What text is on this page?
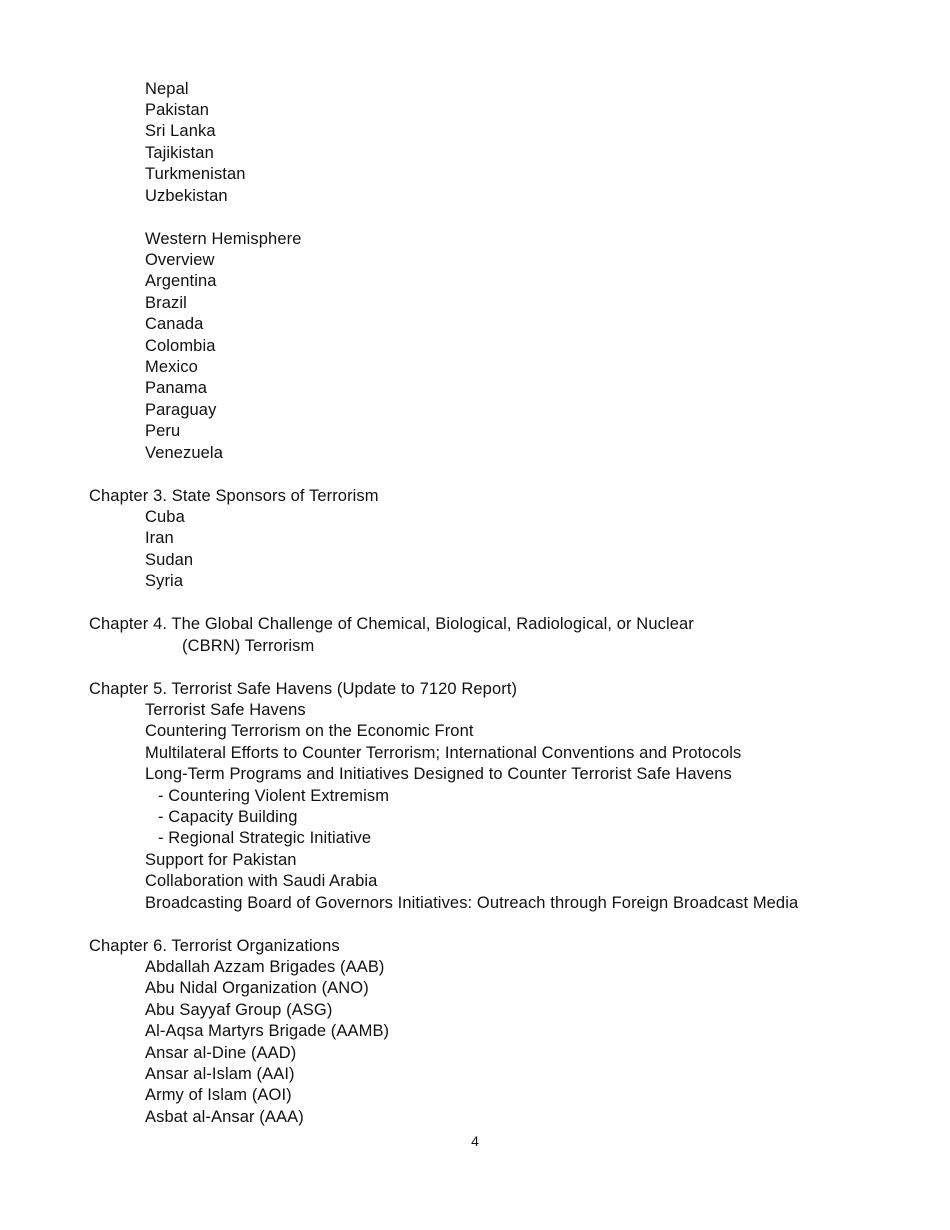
Nepal
Pakistan
Sri Lanka
Tajikistan
Turkmenistan
Uzbekistan
Western Hemisphere
Overview
Argentina
Brazil
Canada
Colombia
Mexico
Panama
Paraguay
Peru
Venezuela
Chapter 3. State Sponsors of Terrorism
Cuba
Iran
Sudan
Syria
Chapter 4. The Global Challenge of Chemical, Biological, Radiological, or Nuclear
(CBRN) Terrorism
Chapter 5. Terrorist Safe Havens (Update to 7120 Report)
Terrorist Safe Havens
Countering Terrorism on the Economic Front
Multilateral Efforts to Counter Terrorism; International Conventions and Protocols
Long-Term Programs and Initiatives Designed to Counter Terrorist Safe Havens
- Countering Violent Extremism
- Capacity Building
- Regional Strategic Initiative
Support for Pakistan
Collaboration with Saudi Arabia
Broadcasting Board of Governors Initiatives: Outreach through Foreign Broadcast Media
Chapter 6. Terrorist Organizations
Abdallah Azzam Brigades (AAB)
Abu Nidal Organization (ANO)
Abu Sayyaf Group (ASG)
Al-Aqsa Martyrs Brigade (AAMB)
Ansar al-Dine (AAD)
Ansar al-Islam (AAI)
Army of Islam (AOI)
Asbat al-Ansar (AAA)
4
